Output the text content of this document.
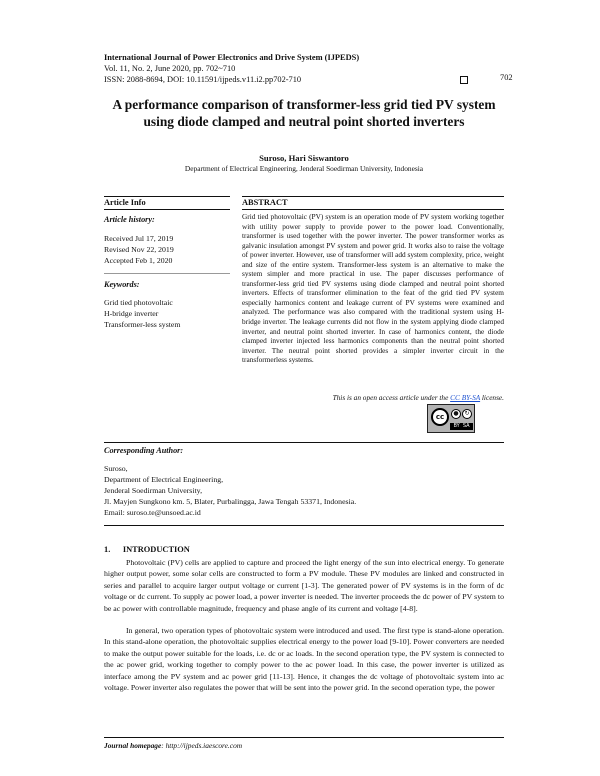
International Journal of Power Electronics and Drive System (IJPEDS)
Vol. 11, No. 2, June 2020, pp. 702~710
ISSN: 2088-8694, DOI: 10.11591/ijpeds.v11.i2.pp702-710	702
A performance comparison of transformer-less grid tied PV system using diode clamped and neutral point shorted inverters
Suroso, Hari Siswantoro
Department of Electrical Engineering, Jenderal Soedirman University, Indonesia
Article Info	ABSTRACT
Article history:
Received Jul 17, 2019
Revised Nov 22, 2019
Accepted Feb 1, 2020
Keywords:
Grid tied photovoltaic
H-bridge inverter
Transformer-less system
Grid tied photovoltaic (PV) system is an operation mode of PV system working together with utility power supply to provide power to the power load. Conventionally, transformer is used together with the power inverter. The power transformer works as galvanic insulation amongst PV system and power grid. It works also to raise the voltage of power inverter. However, use of transformer will add system complexity, price, weight and size of the entire system. Transformer-less system is an alternative to make the system simpler and more practical in use. The paper discusses performance of transformer-less grid tied PV systems using diode clamped and neutral point shorted inverters. Effects of transformer elimination to the feat of the grid tied PV system especially harmonics content and leakage current of PV systems were examined and analyzed. The performance was also compared with the traditional system using H-bridge inverter. The leakage currents did not flow in the system applying diode clamped inverter, and neutral point shorted inverter. In case of harmonics content, the diode clamped inverter injected less harmonics components than the neutral point shorted inverter. The neutral point shorted provides a simpler inverter circuit in the transformerless systems.
This is an open access article under the CC BY-SA license.
cc	● ↻
BY SA
Corresponding Author:
Suroso,
Department of Electrical Engineering,
Jenderal Soedirman University,
Jl. Mayjen Sungkono km. 5, Blater, Purbalingga, Jawa Tengah 53371, Indonesia.
Email: suroso.te@unsoed.ac.id
1.      INTRODUCTION
Photovoltaic (PV) cells are applied to capture and proceed the light energy of the sun into electrical energy. To generate higher output power, some solar cells are constructed to form a PV module. These PV modules are linked and constructed in series and parallel to acquire larger output voltage or current [1-3]. The generated power of PV systems is in the form of dc voltage or dc current. To supply ac power load, a power inverter is needed. The inverter proceeds the dc power of PV system to be ac power with controllable magnitude, frequency and phase angle of its current and voltage [4-8].
In general, two operation types of photovoltaic system were introduced and used. The first type is stand-alone operation. In this stand-alone operation, the photovoltaic supplies electrical energy to the power load [9-10]. Power converters are needed to make the output power suitable for the loads, i.e. dc or ac loads. In the second operation type, the PV system is connected to the ac power grid, working together to comply power to the ac power load. In this case, the power inverter is utilized as interface among the PV system and ac power grid [11-13]. Hence, it changes the dc voltage of photovoltaic system into ac voltage. Power inverter also regulates the power that will be sent into the power grid. In the second operation type, the power
Journal homepage: http://ijpeds.iaescore.com
